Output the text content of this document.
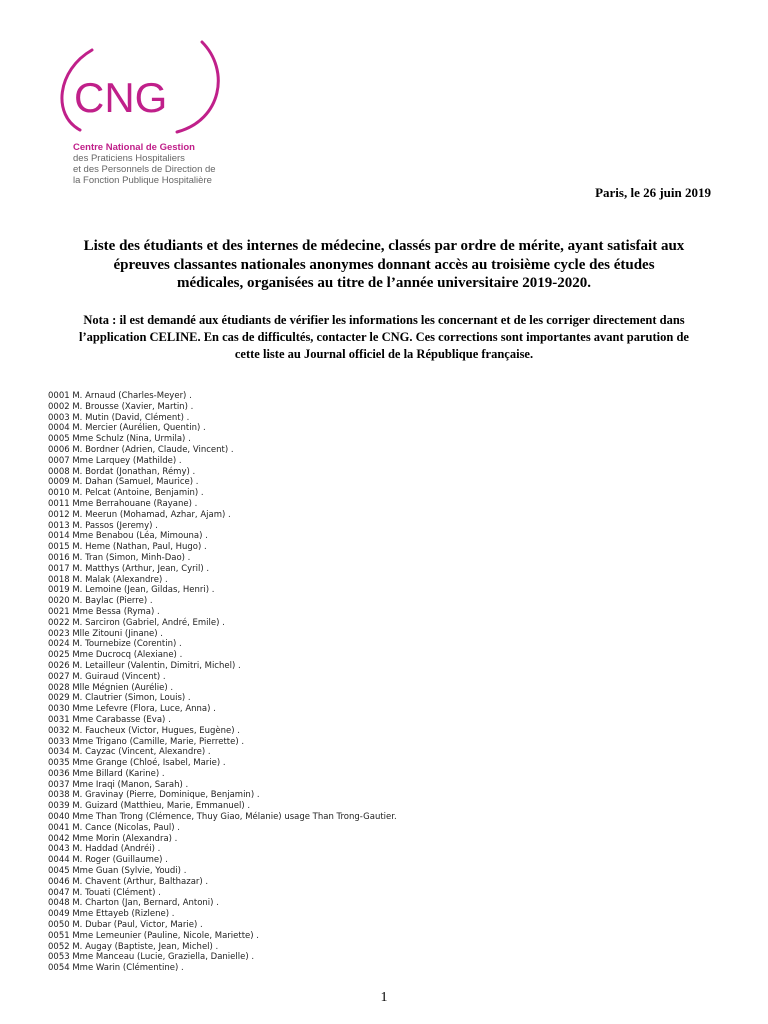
CNG
Centre National de Gestion
des Praticiens Hospitaliers
et des Personnels de Direction de
la Fonction Publique Hospitalière
Paris, le 26 juin 2019
Liste des étudiants et des internes de médecine, classés par ordre de mérite, ayant satisfait aux
épreuves classantes nationales anonymes donnant accès au troisième cycle des études
médicales, organisées au titre de l’année universitaire 2019-2020.
Nota : il est demandé aux étudiants de vérifier les informations les concernant et de les corriger directement dans
l’application CELINE. En cas de difficultés, contacter le CNG. Ces corrections sont importantes avant parution de
cette liste au Journal officiel de la République française.
0001 M. Arnaud (Charles-Meyer) .
0002 M. Brousse (Xavier, Martin) .
0003 M. Mutin (David, Clément) .
0004 M. Mercier (Aurélien, Quentin) .
0005 Mme Schulz (Nina, Urmila) .
0006 M. Bordner (Adrien, Claude, Vincent) .
0007 Mme Larquey (Mathilde) .
0008 M. Bordat (Jonathan, Rémy) .
0009 M. Dahan (Samuel, Maurice) .
0010 M. Pelcat (Antoine, Benjamin) .
0011 Mme Berrahouane (Rayane) .
0012 M. Meerun (Mohamad, Azhar, Ajam) .
0013 M. Passos (Jeremy) .
0014 Mme Benabou (Léa, Mimouna) .
0015 M. Heme (Nathan, Paul, Hugo) .
0016 M. Tran (Simon, Minh-Dao) .
0017 M. Matthys (Arthur, Jean, Cyril) .
0018 M. Malak (Alexandre) .
0019 M. Lemoine (Jean, Gildas, Henri) .
0020 M. Baylac (Pierre) .
0021 Mme Bessa (Ryma) .
0022 M. Sarciron (Gabriel, André, Emile) .
0023 Mlle Zitouni (Jinane) .
0024 M. Tournebize (Corentin) .
0025 Mme Ducrocq (Alexiane) .
0026 M. Letailleur (Valentin, Dimitri, Michel) .
0027 M. Guiraud (Vincent) .
0028 Mlle Mégnien (Aurélie) .
0029 M. Clautrier (Simon, Louis) .
0030 Mme Lefevre (Flora, Luce, Anna) .
0031 Mme Carabasse (Eva) .
0032 M. Faucheux (Victor, Hugues, Eugène) .
0033 Mme Trigano (Camille, Marie, Pierrette) .
0034 M. Cayzac (Vincent, Alexandre) .
0035 Mme Grange (Chloé, Isabel, Marie) .
0036 Mme Billard (Karine) .
0037 Mme Iraqi (Manon, Sarah) .
0038 M. Gravinay (Pierre, Dominique, Benjamin) .
0039 M. Guizard (Matthieu, Marie, Emmanuel) .
0040 Mme Than Trong (Clémence, Thuy Giao, Mélanie) usage Than Trong-Gautier.
0041 M. Cance (Nicolas, Paul) .
0042 Mme Morin (Alexandra) .
0043 M. Haddad (Andréi) .
0044 M. Roger (Guillaume) .
0045 Mme Guan (Sylvie, Youdi) .
0046 M. Chavent (Arthur, Balthazar) .
0047 M. Touati (Clément) .
0048 M. Charton (Jan, Bernard, Antoni) .
0049 Mme Ettayeb (Rizlene) .
0050 M. Dubar (Paul, Victor, Marie) .
0051 Mme Lemeunier (Pauline, Nicole, Mariette) .
0052 M. Augay (Baptiste, Jean, Michel) .
0053 Mme Manceau (Lucie, Graziella, Danielle) .
0054 Mme Warin (Clémentine) .
1
